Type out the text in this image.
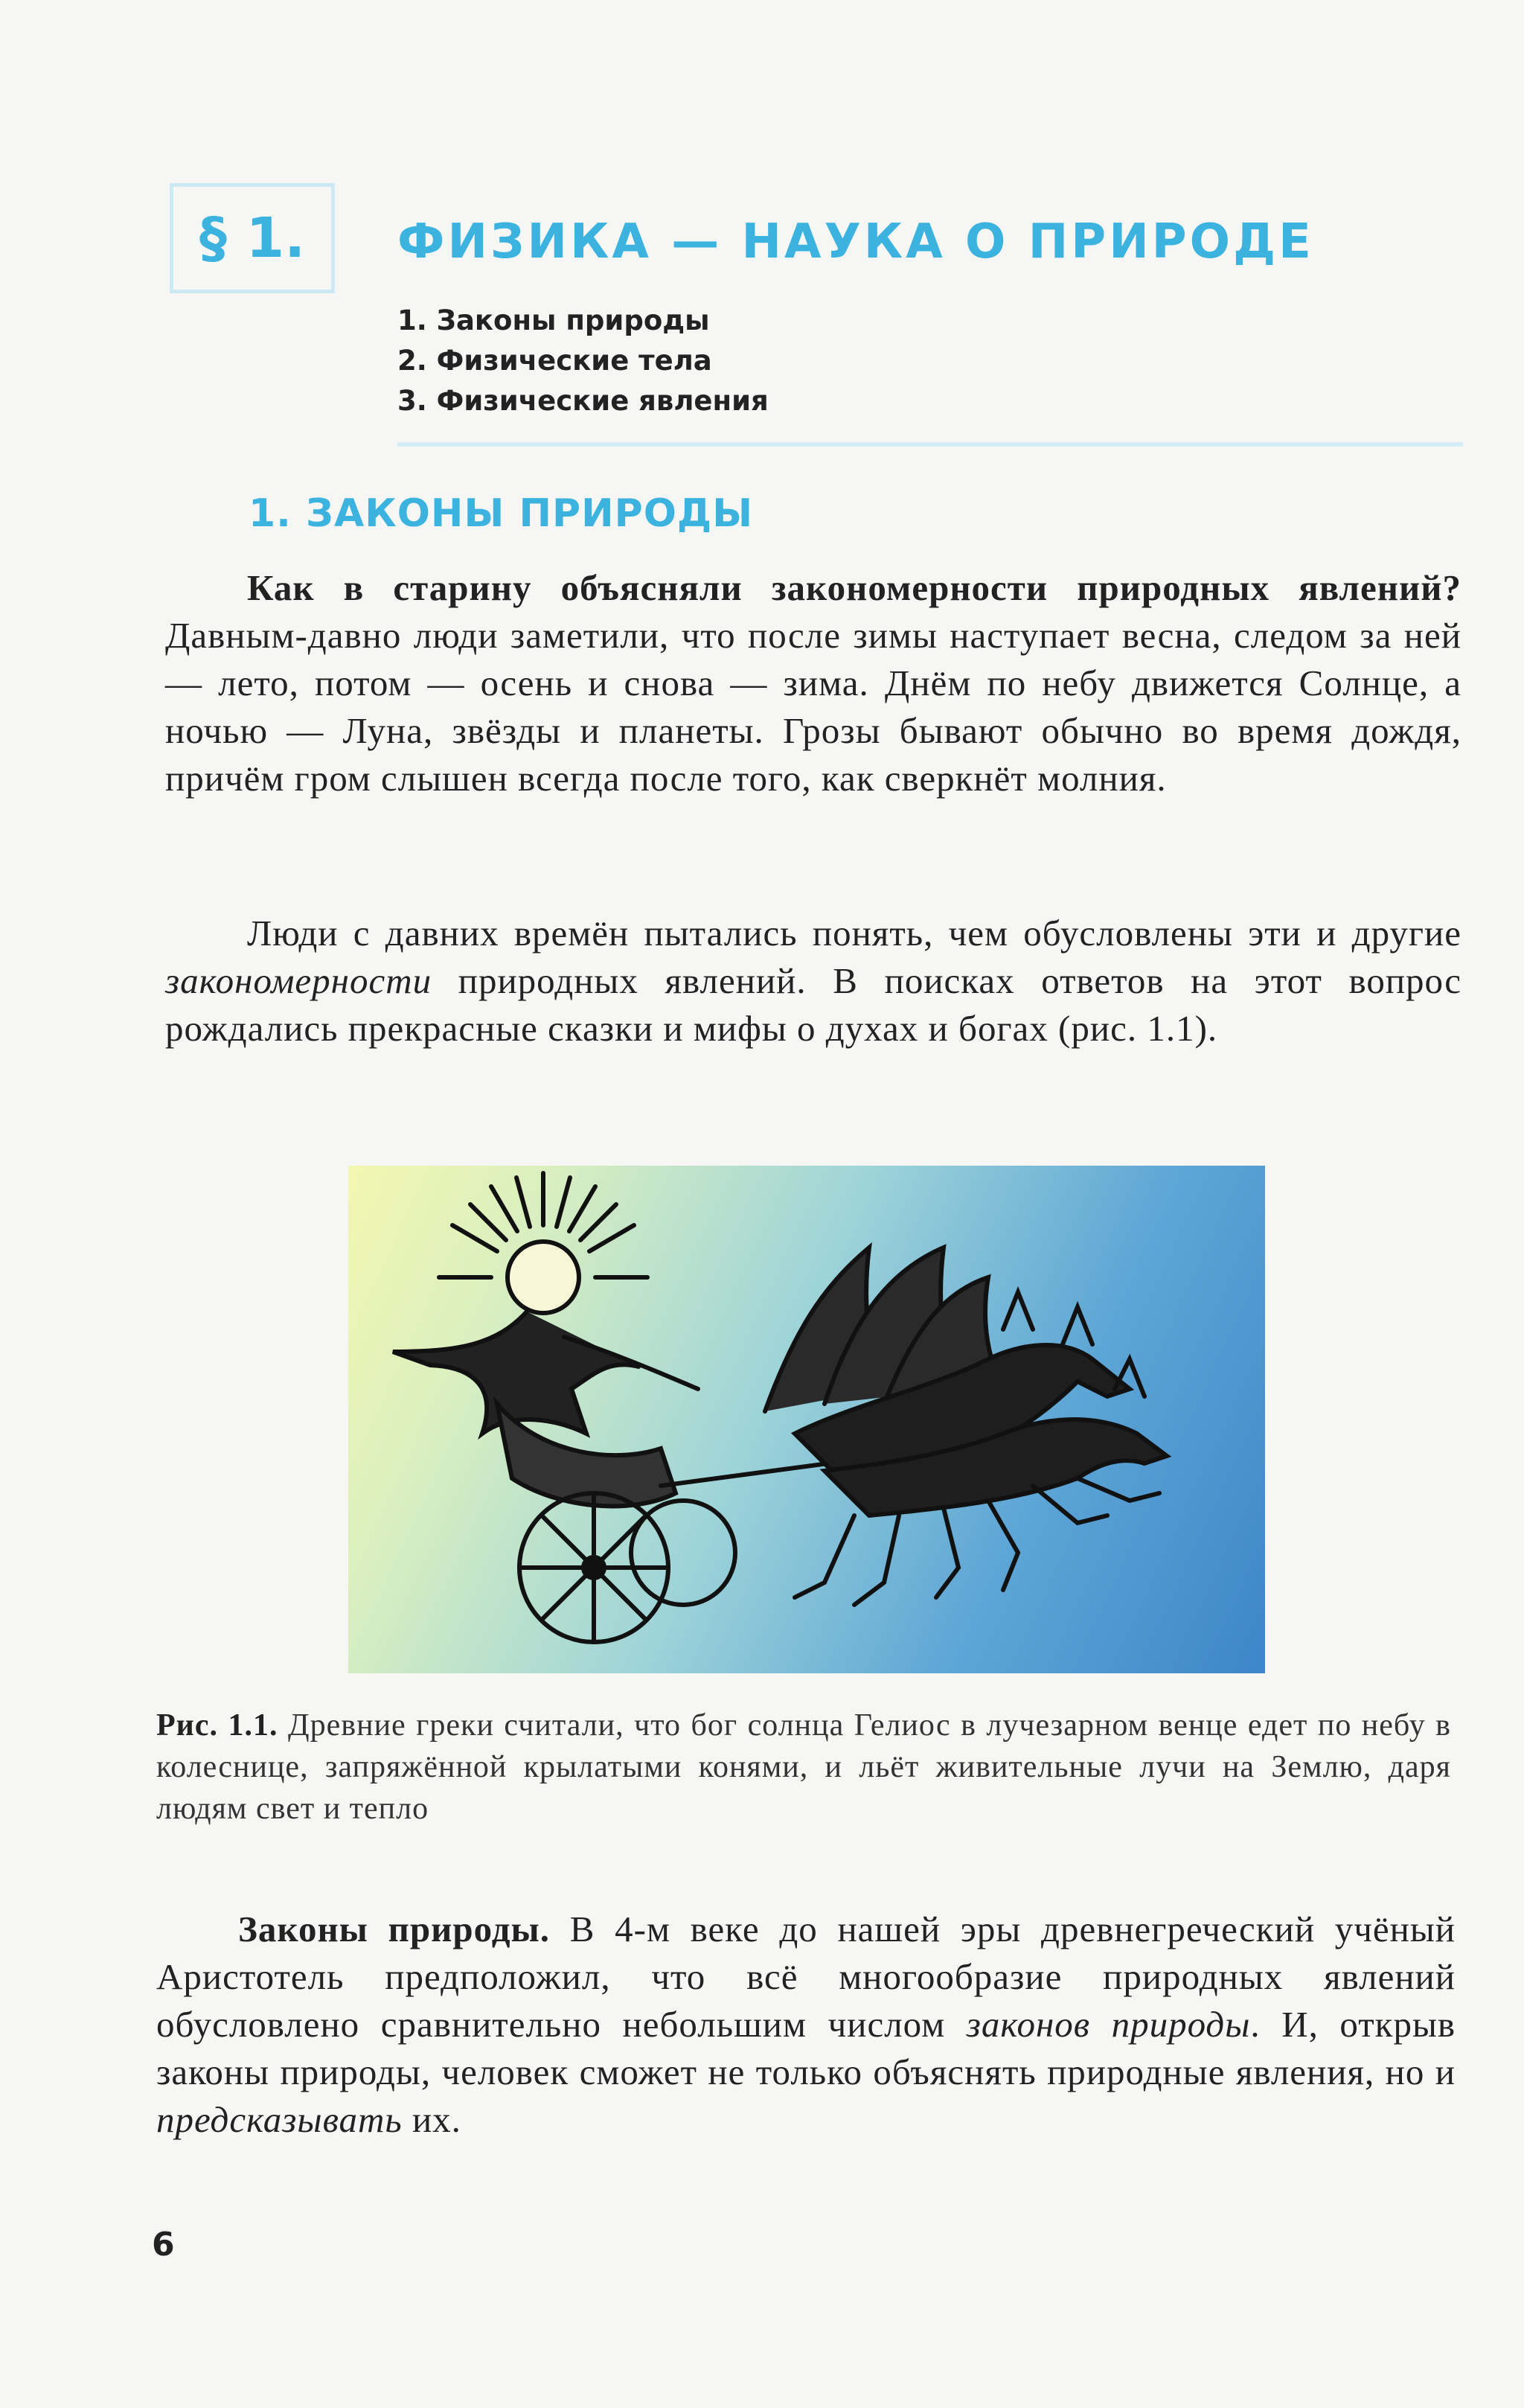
§ 1.	ФИЗИКА — НАУКА О ПРИРОДЕ
1. Законы природы
2. Физические тела
3. Физические явления
1. ЗАКОНЫ ПРИРОДЫ

Как в старину объясняли закономерности природных явлений? Давным-давно люди заметили, что после зимы наступает весна, следом за ней — лето, потом — осень и снова — зима. Днём по небу движется Солнце, а ночью — Луна, звёзды и планеты. Грозы бывают обычно во время дождя, причём гром слышен всегда после того, как сверкнёт молния.

Люди с давних времён пытались понять, чем обусловлены эти и другие закономерности природных явлений. В поисках ответов на этот вопрос рождались прекрасные сказки и мифы о духах и богах (рис. 1.1).

Рис. 1.1. Древние греки считали, что бог солнца Гелиос в лучезарном венце едет по небу в колеснице, запряжённой крылатыми конями, и льёт живительные лучи на Землю, даря людям свет и тепло

Законы природы. В 4-м веке до нашей эры древнегреческий учёный Аристотель предположил, что всё многообразие природных явлений обусловлено сравнительно небольшим числом законов природы. И, открыв законы природы, человек сможет не только объяснять природные явления, но и предсказывать их.

6
